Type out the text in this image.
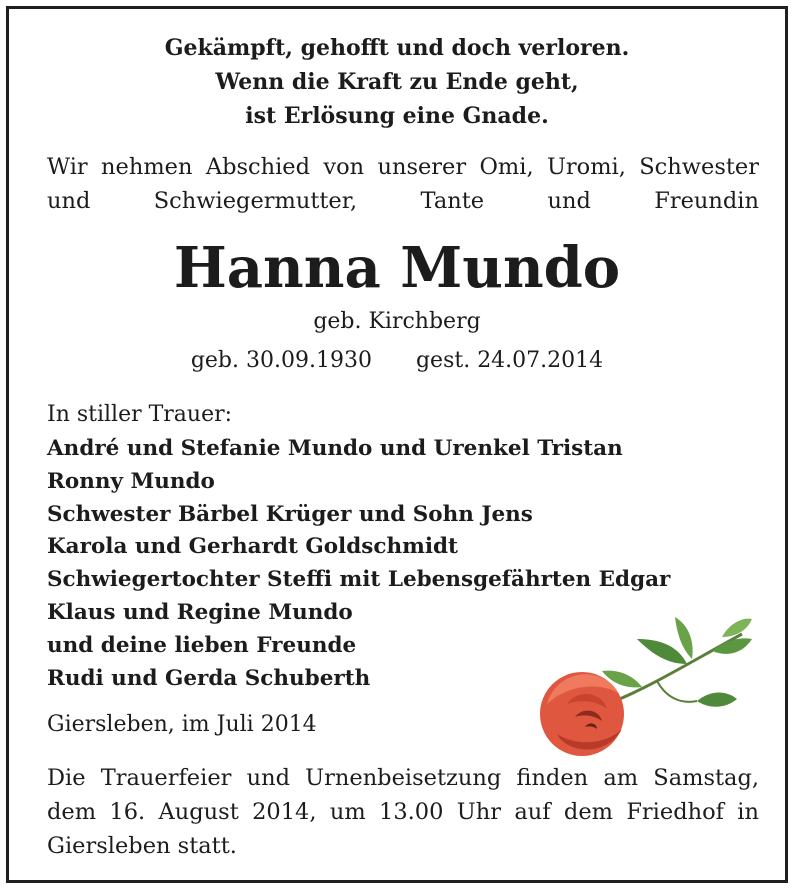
Gekämpft, gehofft und doch verloren.
Wenn die Kraft zu Ende geht,
ist Erlösung eine Gnade.
Wir nehmen Abschied von unserer Omi, Uromi, Schwester und Schwiegermutter, Tante und Freundin
Hanna Mundo
geb. Kirchberg
geb. 30.09.1930 gest. 24.07.2014
In stiller Trauer:
André und Stefanie Mundo und Urenkel Tristan
Ronny Mundo
Schwester Bärbel Krüger und Sohn Jens
Karola und Gerhardt Goldschmidt
Schwiegertochter Steffi mit Lebensgefährten Edgar
Klaus und Regine Mundo
und deine lieben Freunde
Rudi und Gerda Schuberth
Giersleben, im Juli 2014
Die Trauerfeier und Urnenbeisetzung finden am Samstag, dem 16. August 2014, um 13.00 Uhr auf dem Friedhof in Giersleben statt.
